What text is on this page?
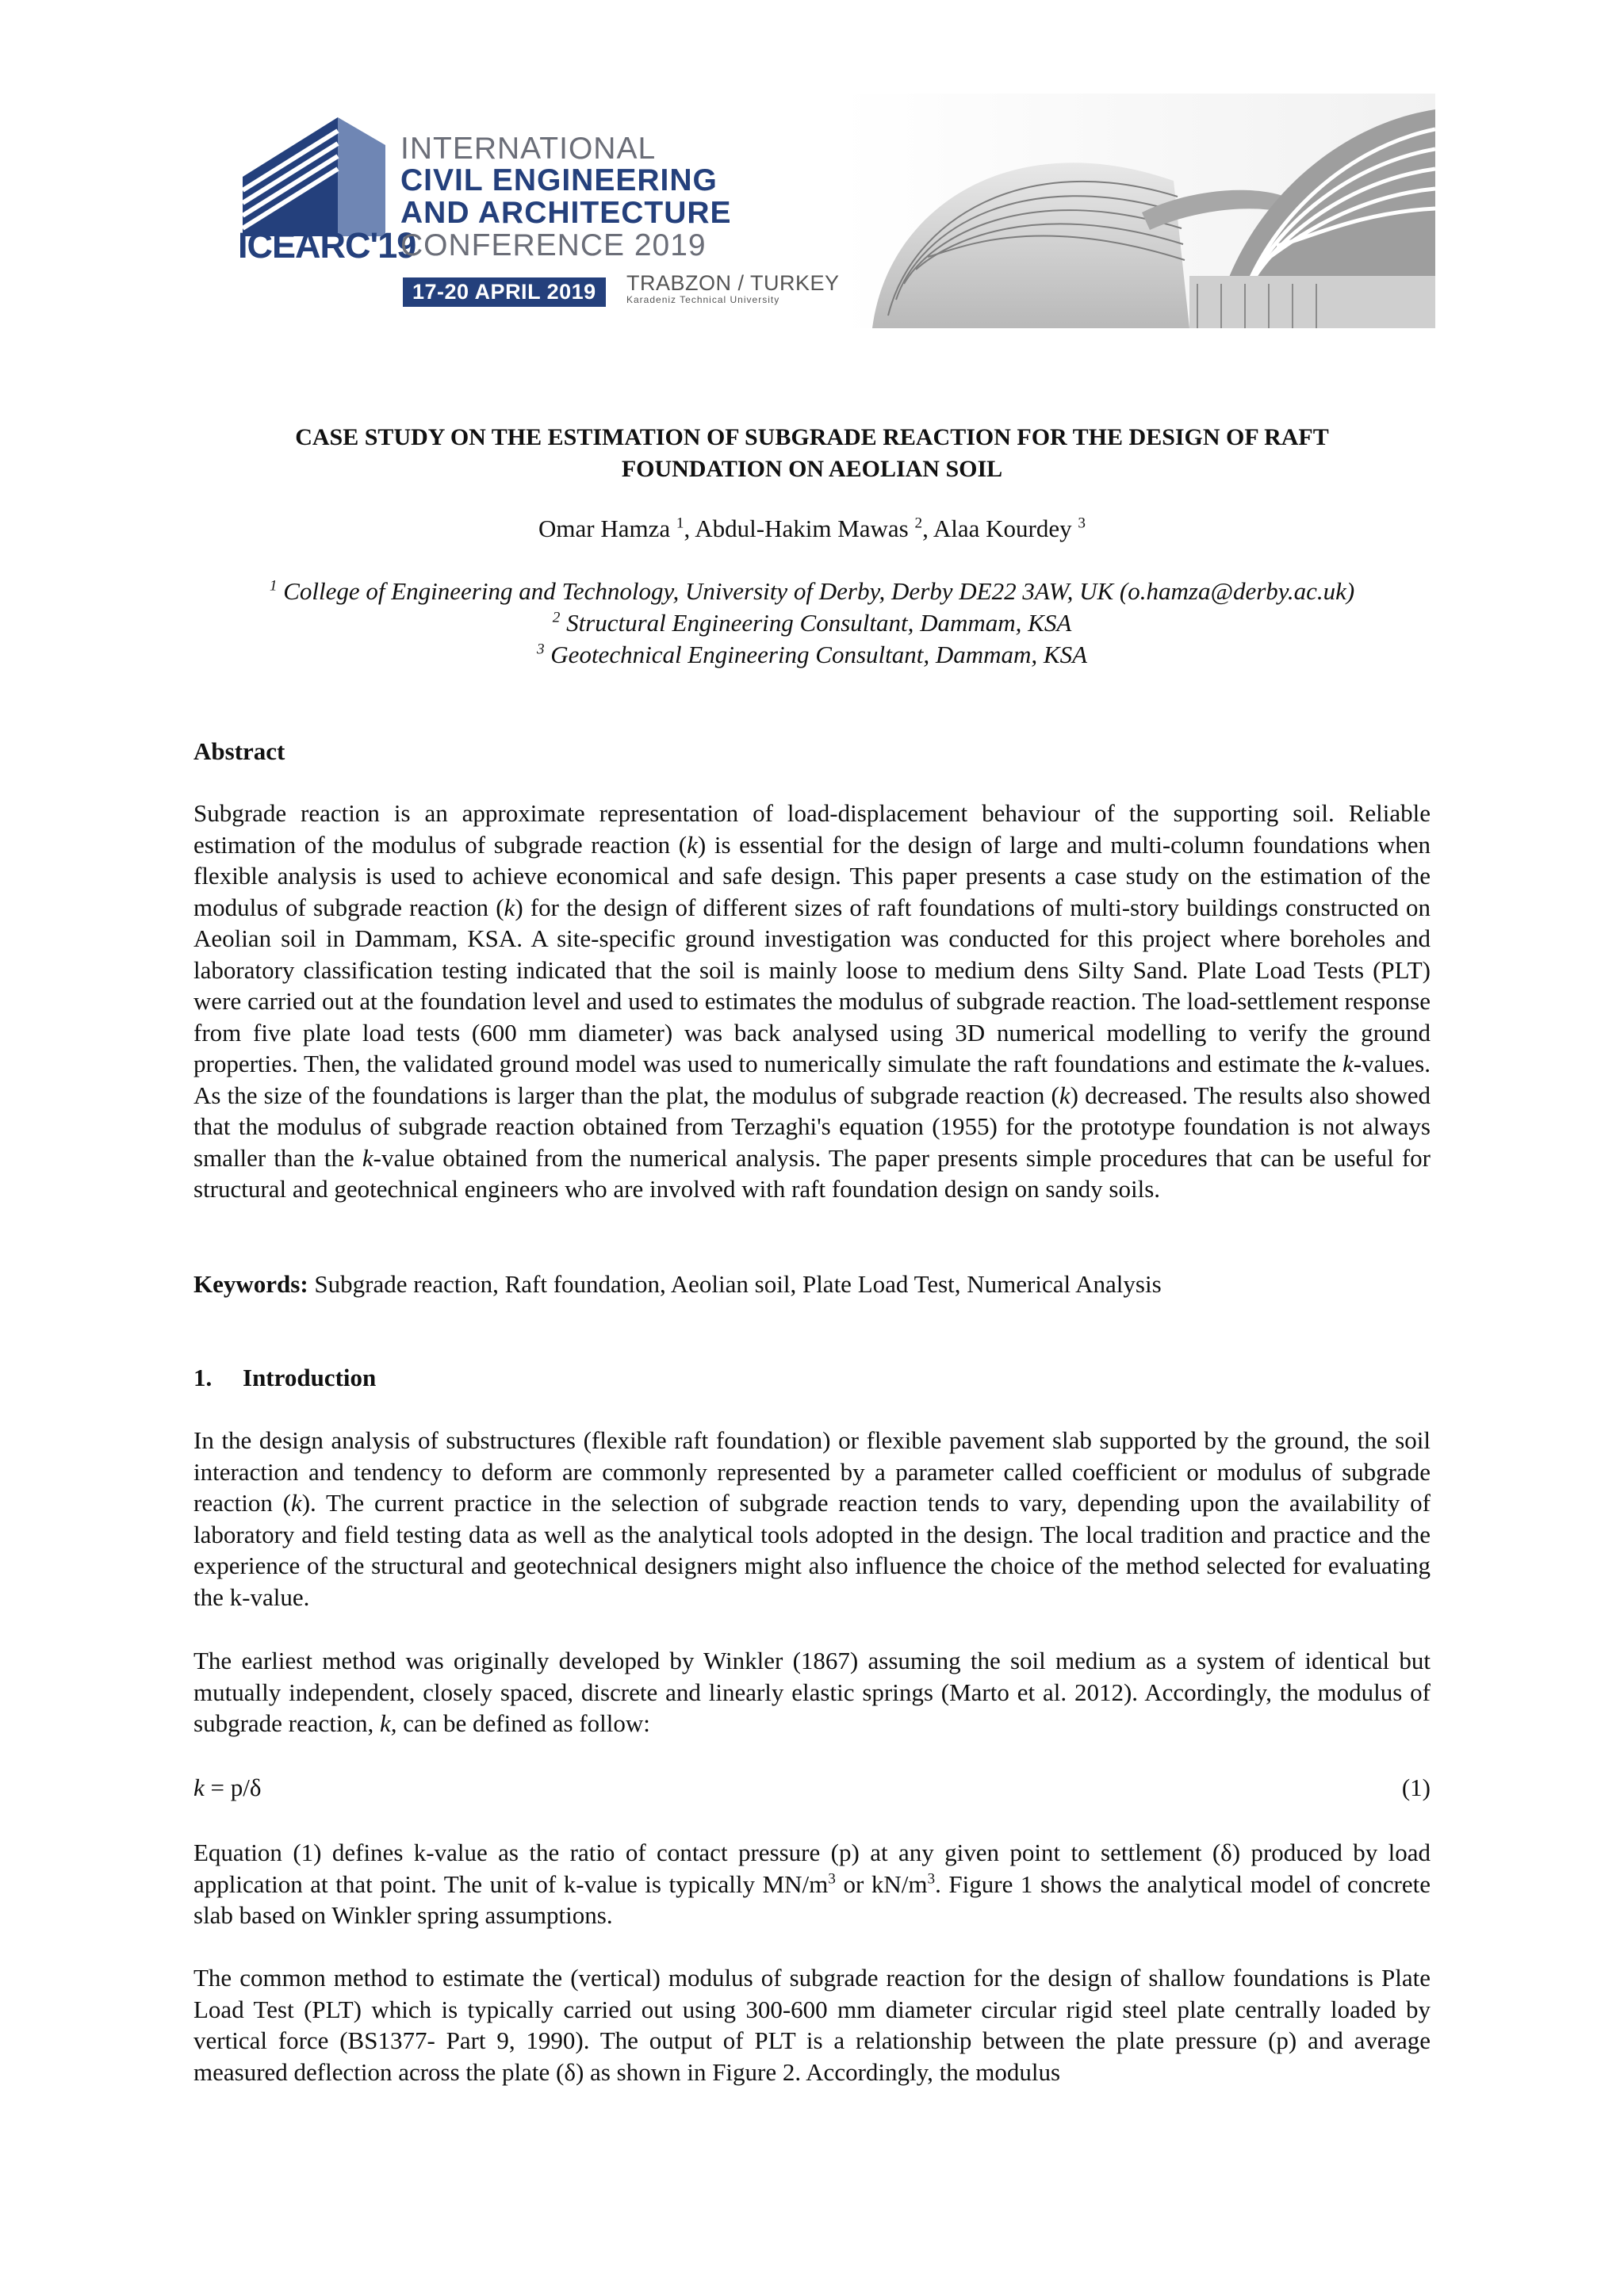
ICEARC'19
INTERNATIONAL
CIVIL ENGINEERING
AND ARCHITECTURE
CONFERENCE 2019
17-20 APRIL 2019	TRABZON / TURKEY
Karadeniz Technical University
CASE STUDY ON THE ESTIMATION OF SUBGRADE REACTION FOR THE DESIGN OF RAFT
FOUNDATION ON AEOLIAN SOIL
Omar Hamza $^1$, Abdul-Hakim Mawas $^2$, Alaa Kourdey $^3$
$^1$ College of Engineering and Technology, University of Derby, Derby DE22 3AW, UK (o.hamza@derby.ac.uk)
$^2$ Structural Engineering Consultant, Dammam, KSA
$^3$ Geotechnical Engineering Consultant, Dammam, KSA
Abstract
Subgrade reaction is an approximate representation of load-displacement behaviour of the supporting soil. Reliable estimation of the modulus of subgrade reaction (k) is essential for the design of large and multi-column foundations when flexible analysis is used to achieve economical and safe design. This paper presents a case study on the estimation of the modulus of subgrade reaction (k) for the design of different sizes of raft foundations of multi-story buildings constructed on Aeolian soil in Dammam, KSA. A site-specific ground investigation was conducted for this project where boreholes and laboratory classification testing indicated that the soil is mainly loose to medium dens Silty Sand. Plate Load Tests (PLT) were carried out at the foundation level and used to estimates the modulus of subgrade reaction. The load-settlement response from five plate load tests (600 mm diameter) was back analysed using 3D numerical modelling to verify the ground properties. Then, the validated ground model was used to numerically simulate the raft foundations and estimate the k-values. As the size of the foundations is larger than the plat, the modulus of subgrade reaction (k) decreased. The results also showed that the modulus of subgrade reaction obtained from Terzaghi's equation (1955) for the prototype foundation is not always smaller than the k-value obtained from the numerical analysis. The paper presents simple procedures that can be useful for structural and geotechnical engineers who are involved with raft foundation design on sandy soils.
Keywords: Subgrade reaction, Raft foundation, Aeolian soil, Plate Load Test, Numerical Analysis
1. Introduction
In the design analysis of substructures (flexible raft foundation) or flexible pavement slab supported by the ground, the soil interaction and tendency to deform are commonly represented by a parameter called coefficient or modulus of subgrade reaction (k). The current practice in the selection of subgrade reaction tends to vary, depending upon the availability of laboratory and field testing data as well as the analytical tools adopted in the design. The local tradition and practice and the experience of the structural and geotechnical designers might also influence the choice of the method selected for evaluating the k-value.
The earliest method was originally developed by Winkler (1867) assuming the soil medium as a system of identical but mutually independent, closely spaced, discrete and linearly elastic springs (Marto et al. 2012). Accordingly, the modulus of subgrade reaction, k, can be defined as follow:
k = p/δ	(1)
Equation (1) defines k-value as the ratio of contact pressure (p) at any given point to settlement (δ) produced by load application at that point. The unit of k-value is typically $MN/m^3$ or $kN/m^3$. Figure 1 shows the analytical model of concrete slab based on Winkler spring assumptions.
The common method to estimate the (vertical) modulus of subgrade reaction for the design of shallow foundations is Plate Load Test (PLT) which is typically carried out using 300-600 mm diameter circular rigid steel plate centrally loaded by vertical force (BS1377- Part 9, 1990). The output of PLT is a relationship between the plate pressure (p) and average measured deflection across the plate (δ) as shown in Figure 2. Accordingly, the modulus
